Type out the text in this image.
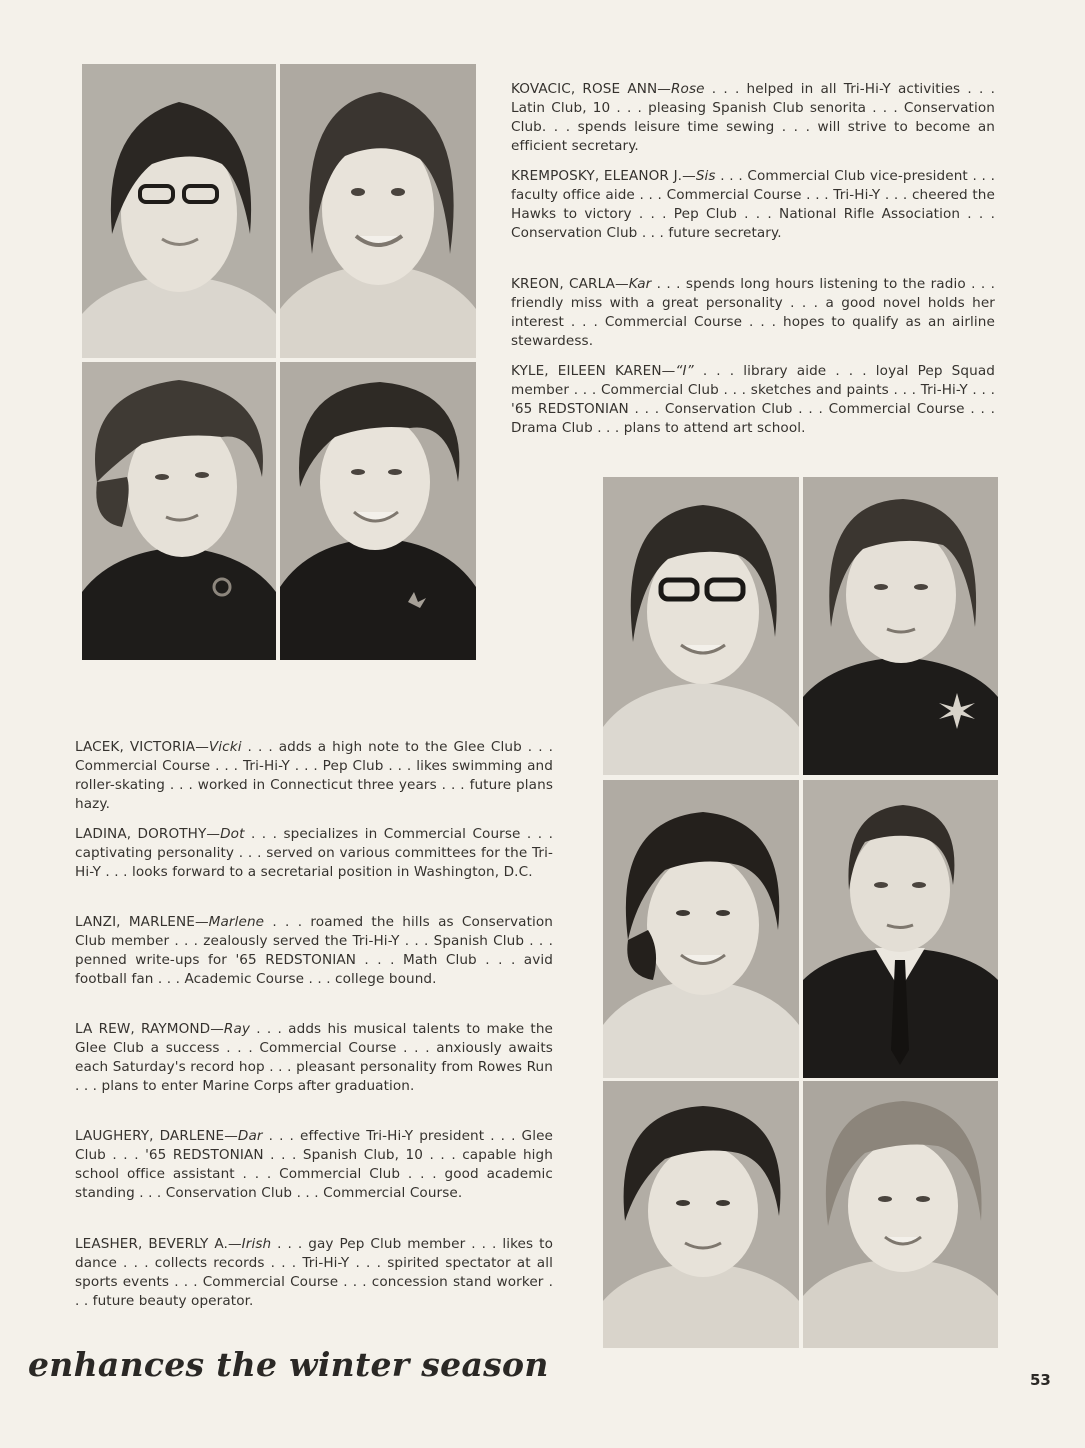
KOVACIC, ROSE ANN—Rose . . . helped in all Tri-Hi-Y activities . . . Latin Club, 10 . . . pleasing Spanish Club senorita . . . Conservation Club. . . spends leisure time sewing . . . will strive to become an efficient secretary.

KREMPOSKY, ELEANOR J.—Sis . . . Commercial Club vice-president . . . faculty office aide . . . Commercial Course . . . Tri-Hi-Y . . . cheered the Hawks to victory . . . Pep Club . . . National Rifle Association . . . Conservation Club . . . future secretary.

KREON, CARLA—Kar . . . spends long hours listening to the radio . . . friendly miss with a great personality . . . a good novel holds her interest . . . Commercial Course . . . hopes to qualify as an airline stewardess.

KYLE, EILEEN KAREN—“I” . . . library aide . . . loyal Pep Squad member . . . Commercial Club . . . sketches and paints . . . Tri-Hi-Y . . . '65 REDSTONIAN . . . Conservation Club . . . Commercial Course . . . Drama Club . . . plans to attend art school.

LACEK, VICTORIA—Vicki . . . adds a high note to the Glee Club . . . Commercial Course . . . Tri-Hi-Y . . . Pep Club . . . likes swimming and roller-skating . . . worked in Connecticut three years . . . future plans hazy.

LADINA, DOROTHY—Dot . . . specializes in Commercial Course . . . captivating personality . . . served on various committees for the Tri-Hi-Y . . . looks forward to a secretarial position in Washington, D.C.

LANZI, MARLENE—Marlene . . . roamed the hills as Conservation Club member . . . zealously served the Tri-Hi-Y . . . Spanish Club . . . penned write-ups for '65 REDSTONIAN . . . Math Club . . . avid football fan . . . Academic Course . . . college bound.

LA REW, RAYMOND—Ray . . . adds his musical talents to make the Glee Club a success . . . Commercial Course . . . anxiously awaits each Saturday's record hop . . . pleasant personality from Rowes Run . . . plans to enter Marine Corps after graduation.

LAUGHERY, DARLENE—Dar . . . effective Tri-Hi-Y president . . . Glee Club . . . '65 REDSTONIAN . . . Spanish Club, 10 . . . capable high school office assistant . . . Commercial Club . . . good academic standing . . . Conservation Club . . . Commercial Course.

LEASHER, BEVERLY A.—Irish . . . gay Pep Club member . . . likes to dance . . . collects records . . . Tri-Hi-Y . . . spirited spectator at all sports events . . . Commercial Course . . . concession stand worker . . . future beauty operator.

enhances the winter season	53
